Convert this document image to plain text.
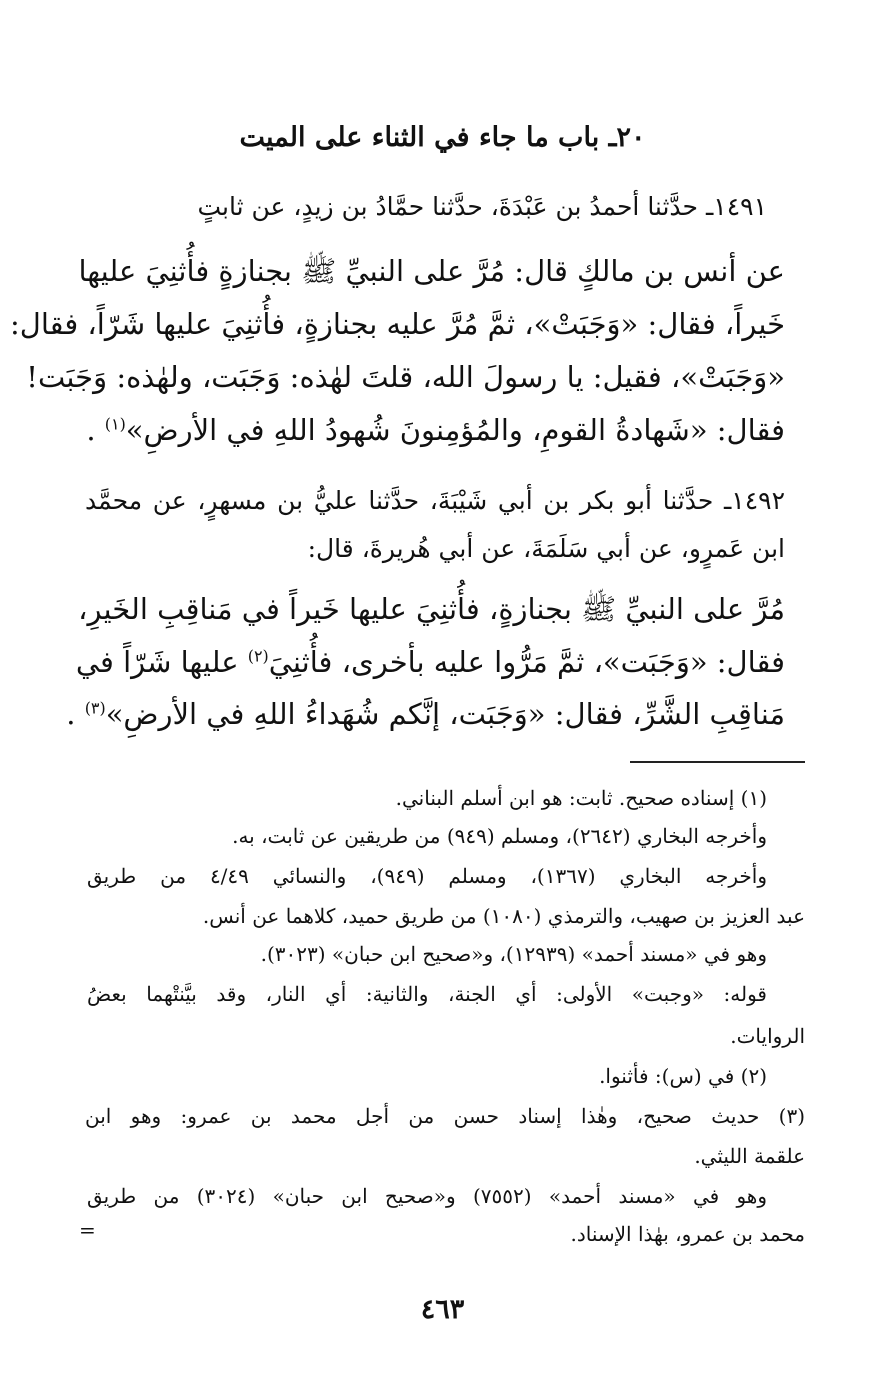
٢٠ـ باب ما جاء في الثناء على الميت
١٤٩١ـ حدَّثنا أحمدُ بن عَبْدَةَ، حدَّثنا حمَّادُ بن زيدٍ، عن ثابتٍ
عن أنس بن مالكٍ قال: مُرَّ على النبيِّ ﷺ بجنازةٍ فأُثنِيَ عليها
خَيراً، فقال: «وَجَبَتْ»، ثمَّ مُرَّ عليه بجنازةٍ، فأُثنِيَ عليها شَرّاً، فقال:
«وَجَبَتْ»، فقيل: يا رسولَ الله، قلتَ لهٰذه: وَجَبَت، ولهٰذه: وَجَبَت!
فقال: «شَهادةُ القومِ، والمُؤمِنونَ شُهودُ اللهِ في الأرضِ»$^{(١)}$ .
١٤٩٢ـ حدَّثنا أبو بكر بن أبي شَيْبَةَ، حدَّثنا عليُّ بن مسهرٍ، عن محمَّد
ابن عَمرٍو، عن أبي سَلَمَةَ، عن أبي هُريرةَ، قال:
مُرَّ على النبيِّ ﷺ بجنازةٍ، فأُثنِيَ عليها خَيراً في مَناقِبِ الخَيرِ،
فقال: «وَجَبَت»، ثمَّ مَرُّوا عليه بأخرى، فأُثنِيَ$^{(٢)}$ عليها شَرّاً في
مَناقِبِ الشَّرِّ، فقال: «وَجَبَت، إنَّكم شُهَداءُ اللهِ في الأرضِ»$^{(٣)}$ .
(١) إسناده صحيح. ثابت: هو ابن أسلم البناني.
وأخرجه البخاري (٢٦٤٢)، ومسلم (٩٤٩) من طريقين عن ثابت، به.
وأخرجه البخاري (١٣٦٧)، ومسلم (٩٤٩)، والنسائي ٤/٤٩ من طريق
عبد العزيز بن صهيب، والترمذي (١٠٨٠) من طريق حميد، كلاهما عن أنس.
وهو في «مسند أحمد» (١٢٩٣٩)، و«صحيح ابن حبان» (٣٠٢٣).
قوله: «وجبت» الأولى: أي الجنة، والثانية: أي النار، وقد بيَّنتْهما بعضُ
الروايات.
(٢) في (س): فأثنوا.
(٣) حديث صحيح، وهٰذا إسناد حسن من أجل محمد بن عمرو: وهو ابن
علقمة الليثي.
وهو في «مسند أحمد» (٧٥٥٢) و«صحيح ابن حبان» (٣٠٢٤) من طريق
محمد بن عمرو، بهٰذا الإسناد.
=
٤٦٣
